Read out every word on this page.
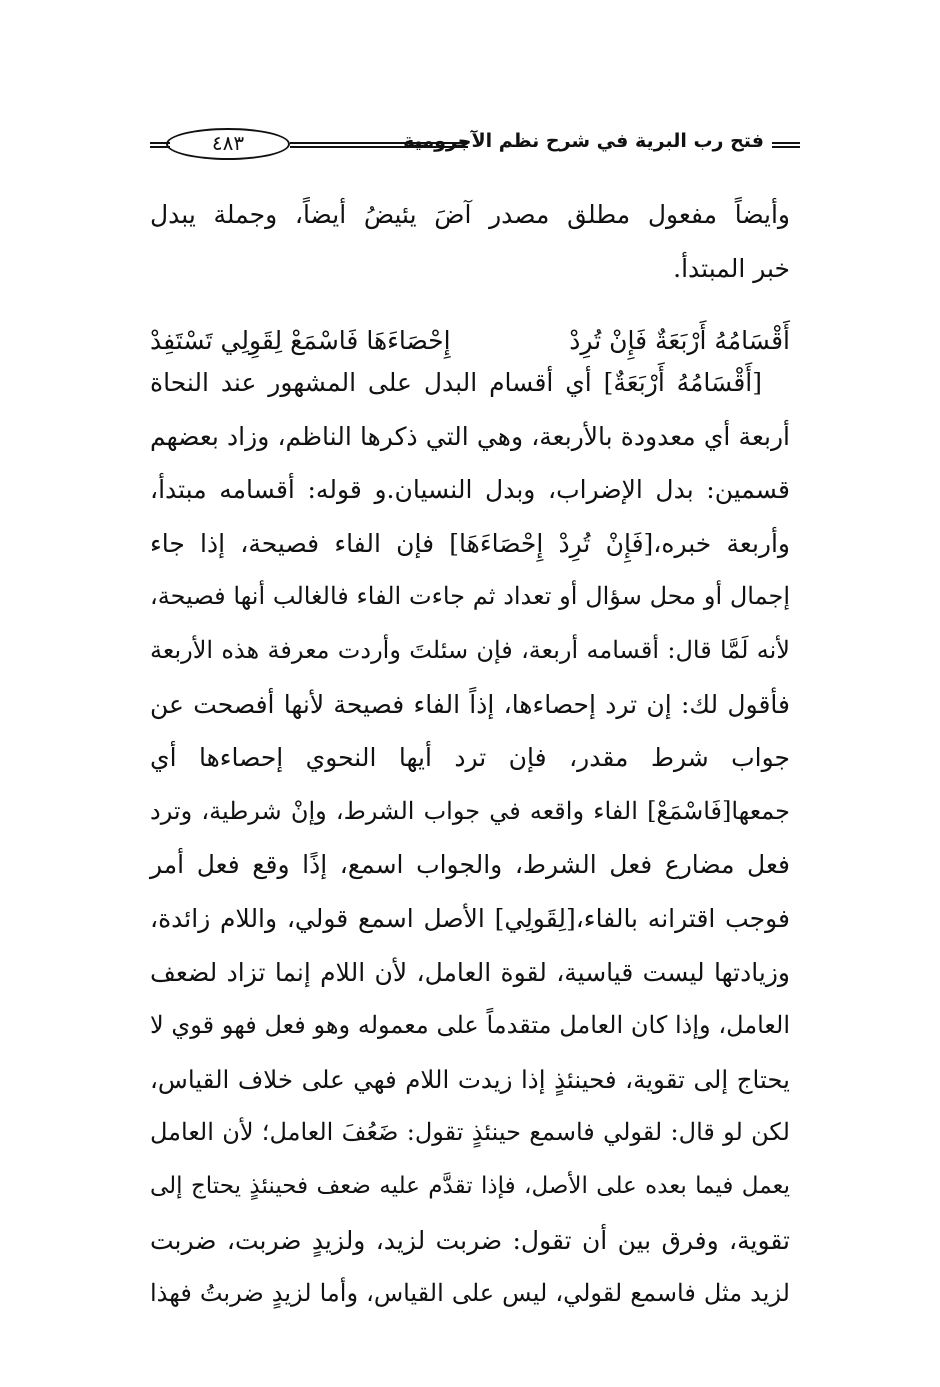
فتح رب البرية في شرح نظم الآجرومية
٤٨٣
وأيضاً مفعول مطلق مصدر آضَ يئيضُ أيضاً، وجملة يبدل
خبر المبتدأ.
أَقْسَامُهُ أَرْبَعَةٌ فَإِنْ تُرِدْ
إِحْصَاءَهَا فَاسْمَعْ لِقَوِلِي تَسْتَفِدْ
[أَقْسَامُهُ أَرْبَعَةٌ] أي أقسام البدل على المشهور عند النحاة
أربعة أي معدودة بالأربعة، وهي التي ذكرها الناظم، وزاد بعضهم
قسمين: بدل الإضراب، وبدل النسيان.و قوله: أقسامه مبتدأ،
وأربعة خبره،[فَإِنْ تُرِدْ إِحْصَاءَهَا] فإن الفاء فصيحة، إذا جاء
إجمال أو محل سؤال أو تعداد ثم جاءت الفاء فالغالب أنها فصيحة،
لأنه لَمَّا قال: أقسامه أربعة، فإن سئلتَ وأردت معرفة هذه الأربعة
فأقول لك: إن ترد إحصاءها، إذاً الفاء فصيحة لأنها أفصحت عن
جواب شرط مقدر، فإن ترد أيها النحوي إحصاءها أي
جمعها[فَاسْمَعْ] الفاء واقعه في جواب الشرط، وإنْ شرطية، وترد
فعل مضارع فعل الشرط، والجواب اسمع، إذًا وقع فعل أمر
فوجب اقترانه بالفاء،[لِقَولِي] الأصل اسمع قولي، واللام زائدة،
وزيادتها ليست قياسية، لقوة العامل، لأن اللام إنما تزاد لضعف
العامل، وإذا كان العامل متقدماً على معموله وهو فعل فهو قوي لا
يحتاج إلى تقوية، فحينئذٍ إذا زيدت اللام فهي على خلاف القياس،
لكن لو قال: لقولي فاسمع حينئذٍ تقول: ضَعُفَ العامل؛ لأن العامل
يعمل فيما بعده على الأصل، فإذا تقدَّم عليه ضعف فحينئذٍ يحتاج إلى
تقوية، وفرق بين أن تقول: ضربت لزيد، ولزيدٍ ضربت، ضربت
لزيد مثل فاسمع لقولي، ليس على القياس، وأما لزيدٍ ضربتُ فهذا
